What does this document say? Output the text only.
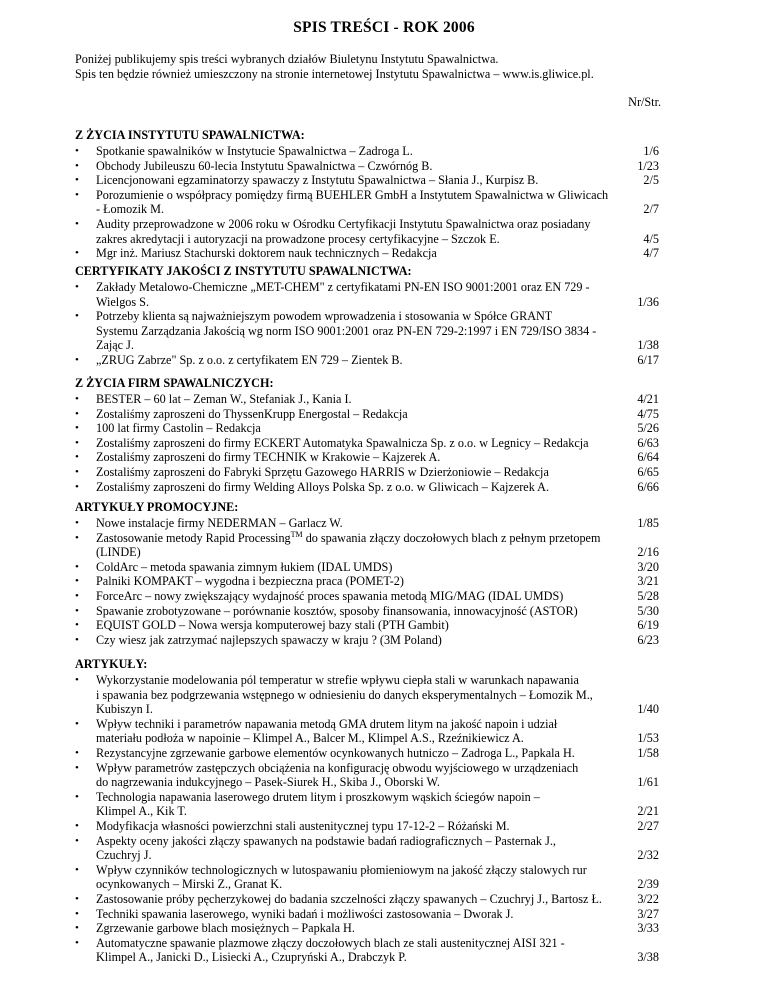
SPIS TREŚCI - ROK 2006
Poniżej publikujemy spis treści wybranych działów Biuletynu Instytutu Spawalnictwa.
Spis ten będzie również umieszczony na stronie internetowej Instytutu Spawalnictwa – www.is.gliwice.pl.
Nr/Str.
Z ŻYCIA INSTYTUTU SPAWALNICTWA:
• Spotkanie spawalników w Instytucie Spawalnictwa – Zadroga L.	1/6
• Obchody Jubileuszu 60-lecia Instytutu Spawalnictwa – Czwórnóg B.	1/23
• Licencjonowani egzaminatorzy spawaczy z Instytutu Spawalnictwa – Słania J., Kurpisz B.	2/5
• Porozumienie o współpracy pomiędzy firmą BUEHLER GmbH a Instytutem Spawalnictwa w Gliwicach
- Łomozik M.	2/7
• Audity przeprowadzone w 2006 roku w Ośrodku Certyfikacji Instytutu Spawalnictwa oraz posiadany
zakres akredytacji i autoryzacji na prowadzone procesy certyfikacyjne – Szczok E.	4/5
• Mgr inż. Mariusz Stachurski doktorem nauk technicznych – Redakcja	4/7
CERTYFIKATY JAKOŚCI Z INSTYTUTU SPAWALNICTWA:
• Zakłady Metalowo-Chemiczne „MET-CHEM" z certyfikatami PN-EN ISO 9001:2001 oraz EN 729 -
Wielgos S.	1/36
• Potrzeby klienta są najważniejszym powodem wprowadzenia i stosowania w Spółce GRANT
Systemu Zarządzania Jakością wg norm ISO 9001:2001 oraz PN-EN 729-2:1997 i EN 729/ISO 3834 -
Zając J.	1/38
• „ZRUG Zabrze" Sp. z o.o. z certyfikatem EN 729 – Zientek B.	6/17
Z ŻYCIA FIRM SPAWALNICZYCH:
• BESTER – 60 lat – Zeman W., Stefaniak J., Kania I.	4/21
• Zostaliśmy zaproszeni do ThyssenKrupp Energostal – Redakcja	4/75
• 100 lat firmy Castolin – Redakcja	5/26
• Zostaliśmy zaproszeni do firmy ECKERT Automatyka Spawalnicza Sp. z o.o. w Legnicy – Redakcja	6/63
• Zostaliśmy zaproszeni do firmy TECHNIK w Krakowie – Kajzerek A.	6/64
• Zostaliśmy zaproszeni do Fabryki Sprzętu Gazowego HARRIS w Dzierżoniowie – Redakcja	6/65
• Zostaliśmy zaproszeni do firmy Welding Alloys Polska Sp. z o.o. w Gliwicach – Kajzerek A.	6/66
ARTYKUŁY PROMOCYJNE:
• Nowe instalacje firmy NEDERMAN – Garlacz W.	1/85
• Zastosowanie metody Rapid Processing™ do spawania złączy doczołowych blach z pełnym przetopem
(LINDE)	2/16
• ColdArc – metoda spawania zimnym łukiem (IDAL UMDS)	3/20
• Palniki KOMPAKT – wygodna i bezpieczna praca (POMET-2)	3/21
• ForceArc – nowy zwiększający wydajność proces spawania metodą MIG/MAG (IDAL UMDS)	5/28
• Spawanie zrobotyzowane – porównanie kosztów, sposoby finansowania, innowacyjność (ASTOR)	5/30
• EQUIST GOLD – Nowa wersja komputerowej bazy stali (PTH Gambit)	6/19
• Czy wiesz jak zatrzymać najlepszych spawaczy w kraju ? (3M Poland)	6/23
ARTYKUŁY:
• Wykorzystanie modelowania pól temperatur w strefie wpływu ciepła stali w warunkach napawania
i spawania bez podgrzewania wstępnego w odniesieniu do danych eksperymentalnych – Łomozik M.,
Kubiszyn I.	1/40
• Wpływ techniki i parametrów napawania metodą GMA drutem litym na jakość napoin i udział
materiału podłoża w napoinie – Klimpel A., Balcer M., Klimpel A.S., Rzeźnikiewicz A.	1/53
• Rezystancyjne zgrzewanie garbowe elementów ocynkowanych hutniczo – Zadroga L., Papkala H.	1/58
• Wpływ parametrów zastępczych obciążenia na konfigurację obwodu wyjściowego w urządzeniach
do nagrzewania indukcyjnego – Pasek-Siurek H., Skiba J., Oborski W.	1/61
• Technologia napawania laserowego drutem litym i proszkowym wąskich ściegów napoin –
Klimpel A., Kik T.	2/21
• Modyfikacja własności powierzchni stali austenitycznej typu 17-12-2 – Różański M.	2/27
• Aspekty oceny jakości złączy spawanych na podstawie badań radiograficznych – Pasternak J.,
Czuchryj J.	2/32
• Wpływ czynników technologicznych w lutospawaniu płomieniowym na jakość złączy stalowych rur
ocynkowanych – Mirski Z., Granat K.	2/39
• Zastosowanie próby pęcherzykowej do badania szczelności złączy spawanych – Czuchryj J., Bartosz Ł.	3/22
• Techniki spawania laserowego, wyniki badań i możliwości zastosowania – Dworak J.	3/27
• Zgrzewanie garbowe blach mosiężnych – Papkala H.	3/33
• Automatyczne spawanie plazmowe złączy doczołowych blach ze stali austenitycznej AISI 321 -
Klimpel A., Janicki D., Lisiecki A., Czupryński A., Drabczyk P.	3/38
